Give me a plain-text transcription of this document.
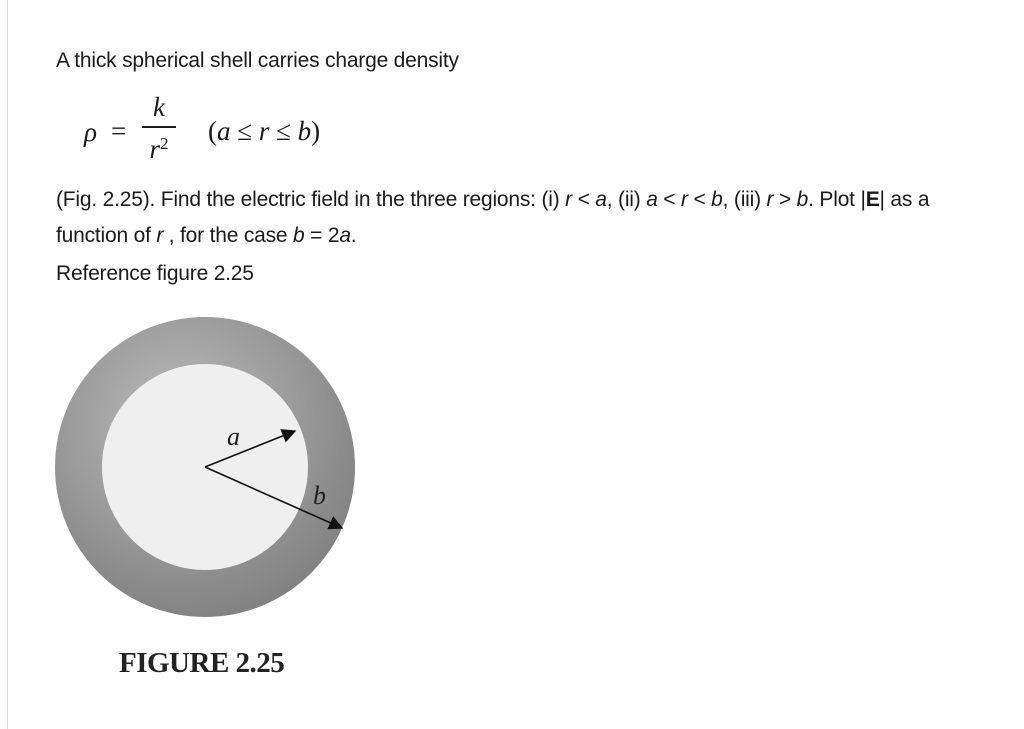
A thick spherical shell carries charge density
ρ =
k
$r^2$ (a ≤ r ≤ b)
(Fig. 2.25). Find the electric field in the three regions: (i) r < a, (ii) a < r < b, (iii) r > b. Plot |E| as a
function of r , for the case b = 2a.
Reference figure 2.25
a
b
FIGURE 2.25
